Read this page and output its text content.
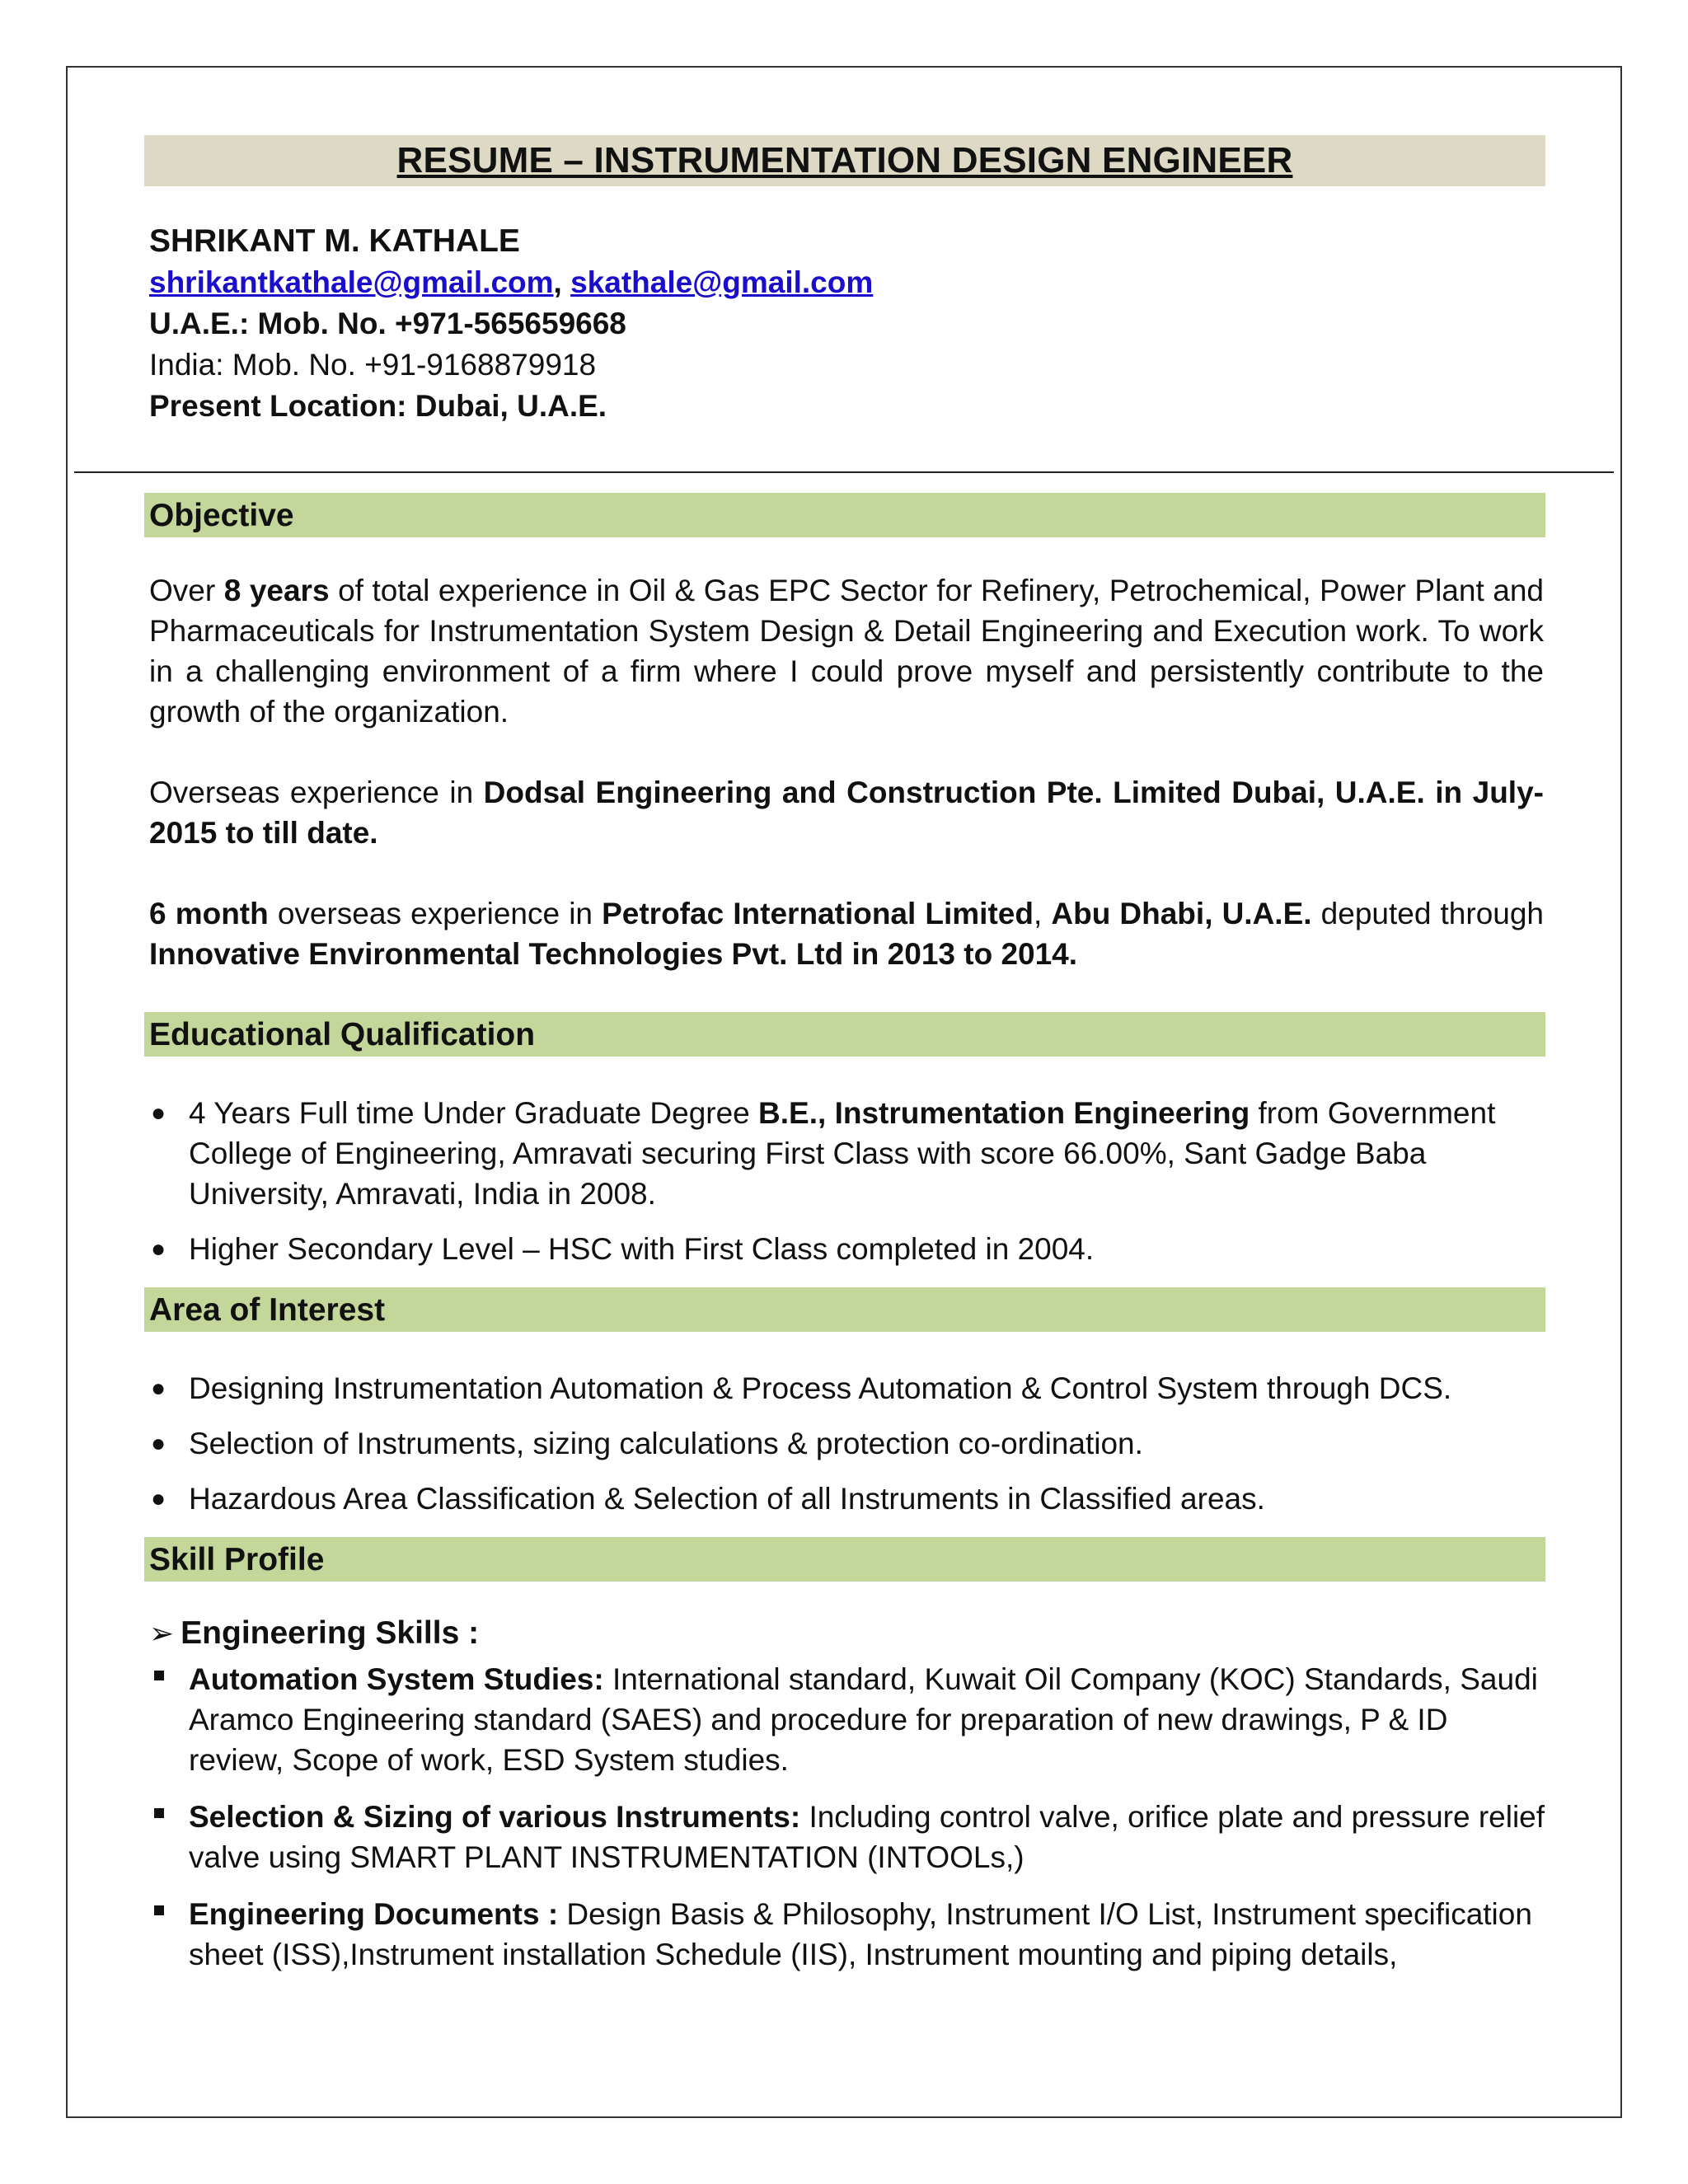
RESUME – INSTRUMENTATION DESIGN ENGINEER
SHRIKANT M. KATHALE
shrikantkathale@gmail.com, skathale@gmail.com
U.A.E.: Mob. No. +971-565659668
India: Mob. No. +91-9168879918
Present Location: Dubai, U.A.E.
Objective
Over 8 years of total experience in Oil & Gas EPC Sector for Refinery, Petrochemical, Power Plant and Pharmaceuticals for Instrumentation System Design & Detail Engineering and Execution work. To work in a challenging environment of a firm where I could prove myself and persistently contribute to the growth of the organization.
Overseas experience in Dodsal Engineering and Construction Pte. Limited Dubai, U.A.E. in July-2015 to till date.
6 month overseas experience in Petrofac International Limited, Abu Dhabi, U.A.E. deputed through Innovative Environmental Technologies Pvt. Ltd in 2013 to 2014.
Educational Qualification
● 4 Years Full time Under Graduate Degree B.E., Instrumentation Engineering from Government College of Engineering, Amravati securing First Class with score 66.00%, Sant Gadge Baba University, Amravati, India in 2008.
● Higher Secondary Level – HSC with First Class completed in 2004.
Area of Interest
● Designing Instrumentation Automation & Process Automation & Control System through DCS.
● Selection of Instruments, sizing calculations & protection co-ordination.
● Hazardous Area Classification & Selection of all Instruments in Classified areas.
Skill Profile
➢ Engineering Skills :
Automation System Studies: International standard, Kuwait Oil Company (KOC) Standards, Saudi Aramco Engineering standard (SAES) and procedure for preparation of new drawings, P & ID review, Scope of work, ESD System studies.
Selection & Sizing of various Instruments: Including control valve, orifice plate and pressure relief valve using SMART PLANT INSTRUMENTATION (INTOOLs,)
Engineering Documents : Design Basis & Philosophy, Instrument I/O List, Instrument specification sheet (ISS),Instrument installation Schedule (IIS), Instrument mounting and piping details,
